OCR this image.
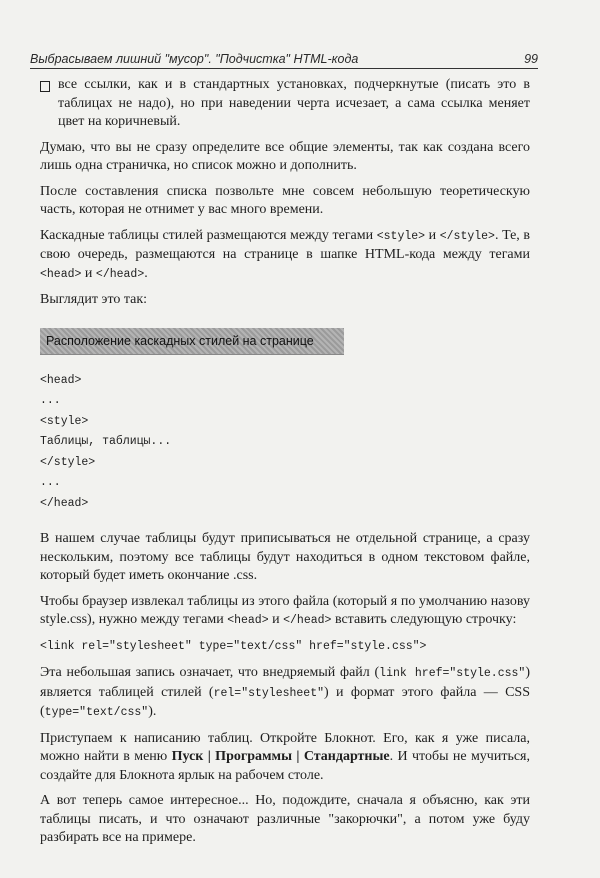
Выбрасываем лишний "мусор". "Подчистка" HTML-кода	99
все ссылки, как и в стандартных установках, подчеркнутые (писать это в таблицах не надо), но при наведении черта исчезает, а сама ссылка меняет цвет на коричневый.

Думаю, что вы не сразу определите все общие элементы, так как создана всего лишь одна страничка, но список можно и дополнить.

После составления списка позвольте мне совсем небольшую теоретическую часть, которая не отнимет у вас много времени.

Каскадные таблицы стилей размещаются между тегами <style> и </style>. Те, в свою очередь, размещаются на странице в шапке HTML-кода между тегами <head> и </head>.

Выглядит это так:

Расположение каскадных стилей на странице
<head>
...
<style>
Таблицы, таблицы...
</style>
...
</head>

В нашем случае таблицы будут приписываться не отдельной странице, а сразу нескольким, поэтому все таблицы будут находиться в одном текстовом файле, который будет иметь окончание .css.

Чтобы браузер извлекал таблицы из этого файла (который я по умолчанию назову style.css), нужно между тегами <head> и </head> вставить следующую строчку:

<link rel="stylesheet" type="text/css" href="style.css">

Эта небольшая запись означает, что внедряемый файл (link href="style.css") является таблицей стилей (rel="stylesheet") и формат этого файла — CSS (type="text/css").

Приступаем к написанию таблиц. Откройте Блокнот. Его, как я уже писала, можно найти в меню Пуск | Программы | Стандартные. И чтобы не мучиться, создайте для Блокнота ярлык на рабочем столе.

А вот теперь самое интересное... Но, подождите, сначала я объясню, как эти таблицы писать, и что означают различные "закорючки", а потом уже буду разбирать все на примере.
